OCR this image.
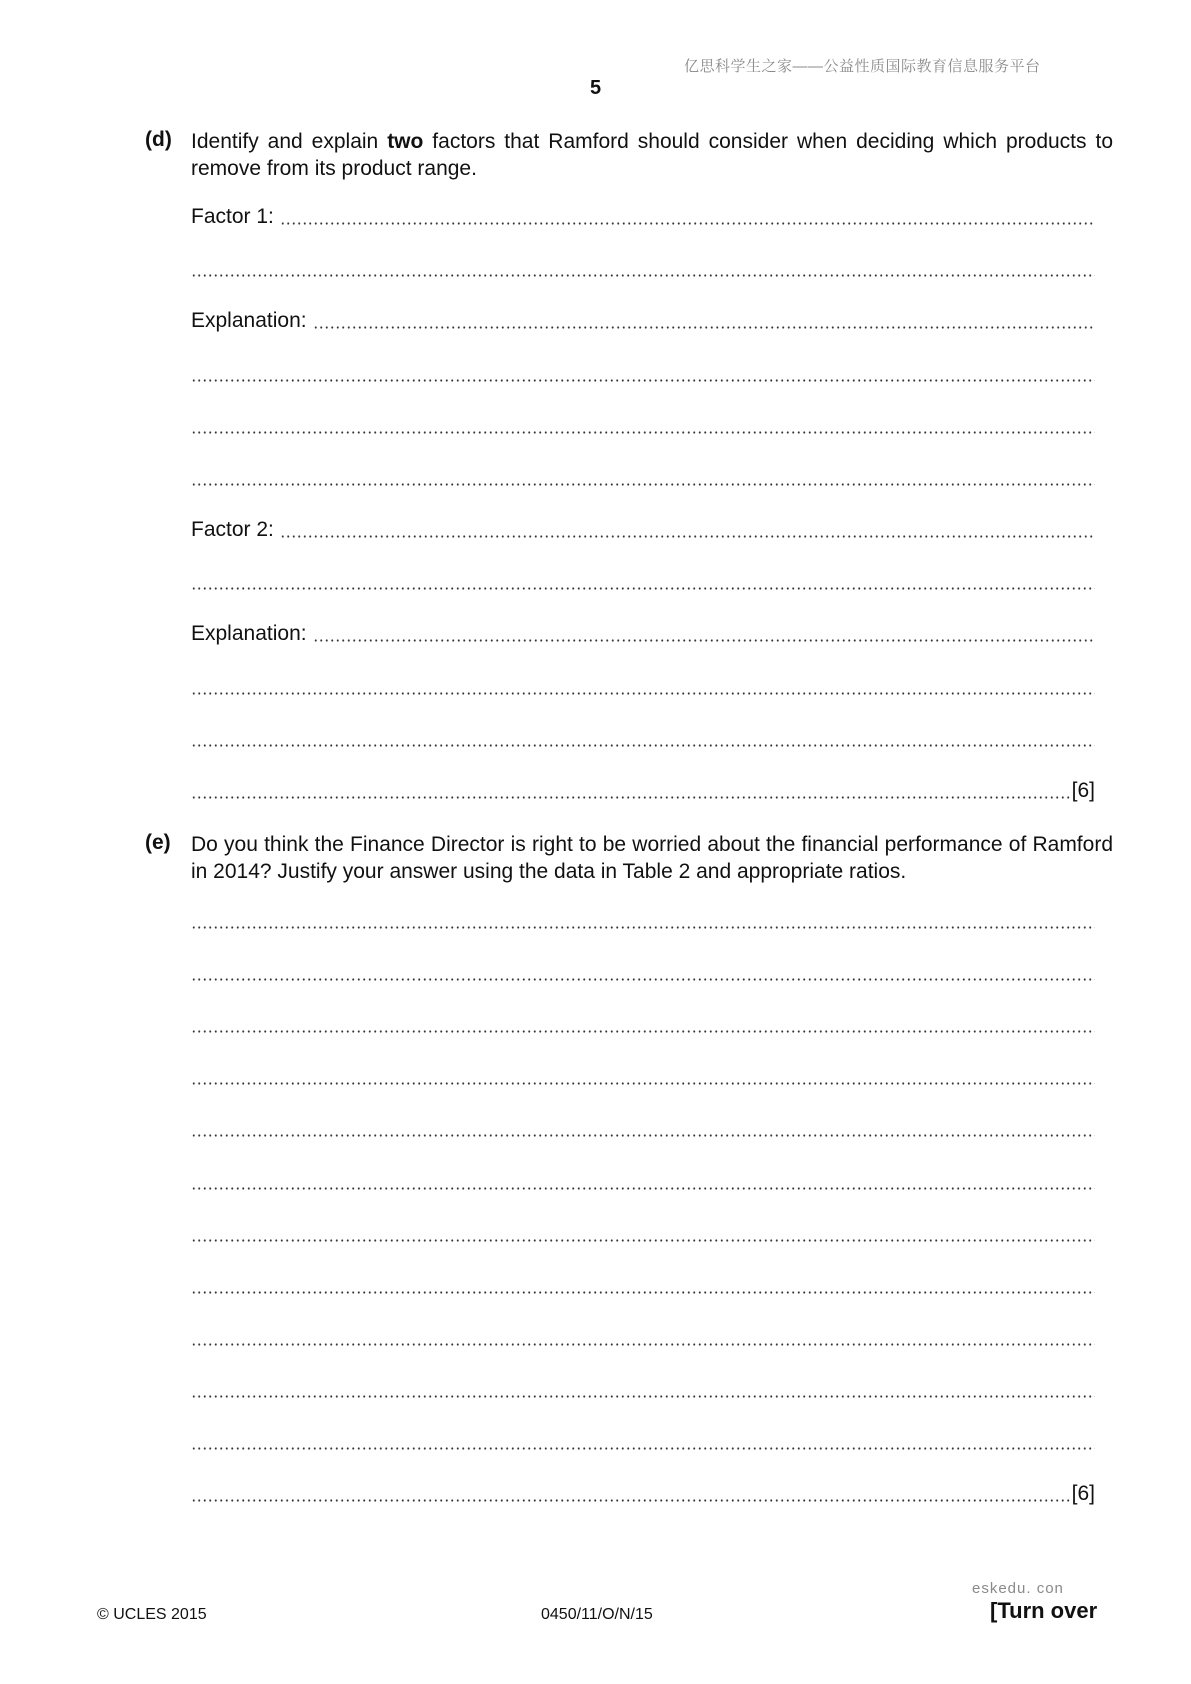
亿思科学生之家——公益性质国际教育信息服务平台
5
(d) Identify and explain two factors that Ramford should consider when deciding which products to remove from its product range.
Factor 1:
Explanation:
Factor 2:
Explanation:
[6]
(e) Do you think the Finance Director is right to be worried about the financial performance of Ramford in 2014? Justify your answer using the data in Table 2 and appropriate ratios.
[6]
eskedu. con
© UCLES 2015	0450/11/O/N/15	[Turn over
